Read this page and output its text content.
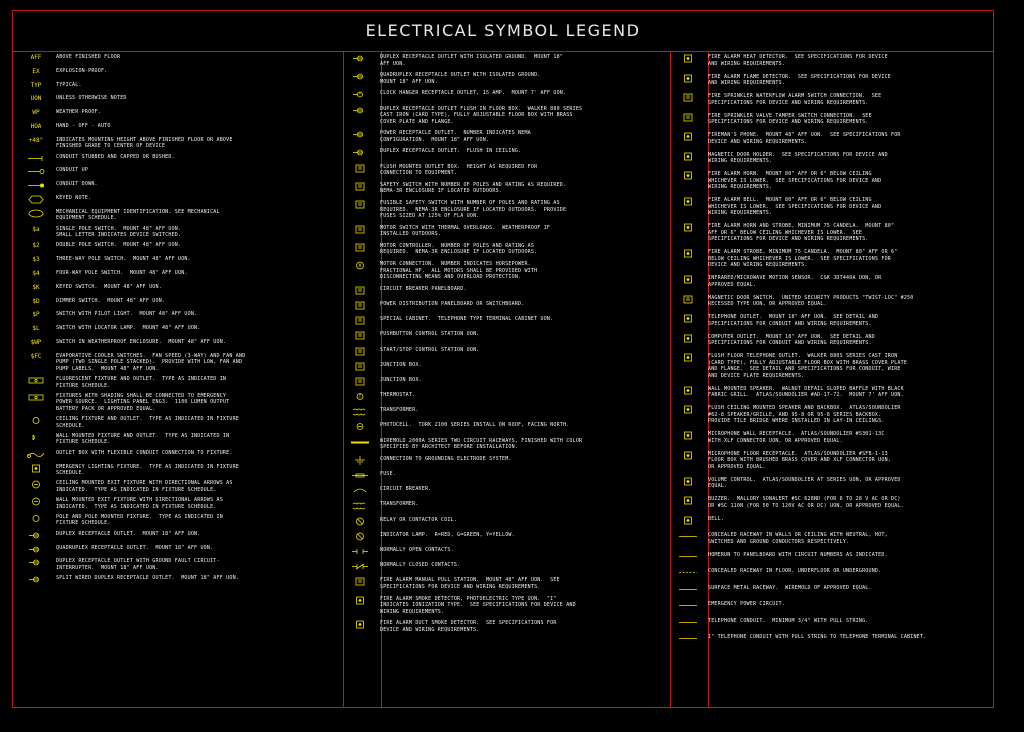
ELECTRICAL SYMBOL LEGEND
AFF	ABOVE FINISHED FLOOR
EX	EXPLOSION-PROOF.
TYP	TYPICAL.
UON	UNLESS OTHERWISE NOTED
WP	WEATHER PROOF.
HOA	HAND - OFF - AUTO
+48"	INDICATES MOUNTING HEIGHT ABOVE FINISHED FLOOR OR ABOVE
FINISHED GRADE TO CENTER OF DEVICE
CONDUIT STUBBED AND CAPPED OR BUSHED.
CONDUIT UP
CONDUIT DOWN.
KEYED NOTE.
MECHANICAL EQUIPMENT IDENTIFICATION. SEE MECHANICAL
EQUIPMENT SCHEDULE.
$a	SINGLE POLE SWITCH.  MOUNT 48" AFF UON.
SMALL LETTER INDICATES DEVICE SWITCHED.
$2	DOUBLE POLE SWITCH.  MOUNT 48" AFF UON.
$3	THREE-WAY POLE SWITCH.  MOUNT 48" AFF UON.
$4	FOUR-WAY POLE SWITCH.  MOUNT 48" AFF UON.
$K	KEYED SWITCH.  MOUNT 48" AFF UON.
$D	DIMMER SWITCH.  MOUNT 48" AFF UON.
$P	SWITCH WITH PILOT LIGHT.  MOUNT 48" AFF UON.
$L	SWITCH WITH LOCATOR LAMP.  MOUNT 48" AFF UON.
$WP	SWITCH IN WEATHERPROOF ENCLOSURE.  MOUNT 48" AFF UON.
$FC	EVAPORATIVE COOLER SWITCHES.  FAN SPEED (3-WAY) AND FAN AND
PUMP (TWO SINGLE POLE STACKED).  PROVIDE WITH LOW, FAN AND
PUMP LABELS.  MOUNT 48" AFF UON.
FLUORESCENT FIXTURE AND OUTLET.  TYPE AS INDICATED IN
FIXTURE SCHEDULE.
FIXTURES WITH SHADING SHALL BE CONNECTED TO EMERGENCY
POWER SOURCE.  LIGHTING PANEL ENG3.  1100 LUMEN OUTPUT
BATTERY PACK OR APPROVED EQUAL.
CEILING FIXTURE AND OUTLET.  TYPE AS INDICATED IN FIXTURE
SCHEDULE.
WALL MOUNTED FIXTURE AND OUTLET.  TYPE AS INDICATED IN
FIXTURE SCHEDULE.
OUTLET BOX WITH FLEXIBLE CONDUIT CONNECTION TO FIXTURE.
EMERGENCY LIGHTING FIXTURE.  TYPE AS INDICATED IN FIXTURE
SCHEDULE.
CEILING MOUNTED EXIT FIXTURE WITH DIRECTIONAL ARROWS AS
INDICATED.  TYPE AS INDICATED IN FIXTURE SCHEDULE.
WALL MOUNTED EXIT FIXTURE WITH DIRECTIONAL ARROWS AS
INDICATED.  TYPE AS INDICATED IN FIXTURE SCHEDULE.
POLE AND POLE MOUNTED FIXTURE.  TYPE AS INDICATED IN
FIXTURE SCHEDULE.
DUPLEX RECEPTACLE OUTLET.  MOUNT 18" AFF UON.
QUADRUPLEX RECEPTACLE OUTLET.  MOUNT 18" AFF UON.
DUPLEX RECEPTACLE OUTLET WITH GROUND FAULT CIRCUIT-
INTERRUPTER.  MOUNT 18" AFF UON.
SPLIT WIRED DUPLEX RECEPTACLE OUTLET.  MOUNT 18" AFF UON.
DUPLEX RECEPTACLE OUTLET WITH ISOLATED GROUND.  MOUNT 18"
AFF UON.
QUADRUPLEX RECEPTACLE OUTLET WITH ISOLATED GROUND.
MOUNT 18" AFF UON.
CLOCK HANGER RECEPTACLE OUTLET, 15 AMP.  MOUNT 7' AFF UON.
DUPLEX RECEPTACLE OUTLET FLUSH IN FLOOR BOX.  WALKER 880 SERIES
CAST IRON (CARD TYPE), FULLY ADJUSTABLE FLOOR BOX WITH BRASS
COVER PLATE AND FLANGE.
POWER RECEPTACLE OUTLET.  NUMBER INDICATES NEMA
CONFIGURATION.  MOUNT 18" AFF UON.
DUPLEX RECEPTACLE OUTLET.  FLUSH IN CEILING.
FLUSH MOUNTED OUTLET BOX.  HEIGHT AS REQUIRED FOR
CONNECTION TO EQUIPMENT.
SAFETY SWITCH WITH NUMBER OF POLES AND RATING AS REQUIRED.
NEMA-3R ENCLOSURE IF LOCATED OUTDOORS.
FUSIBLE SAFETY SWITCH WITH NUMBER OF POLES AND RATING AS
REQUIRED.  NEMA-3R ENCLOSURE IF LOCATED OUTDOORS.  PROVIDE
FUSES SIZED AT 125% OF FLA UON.
MOTOR SWITCH WITH THERMAL OVERLOADS.  WEATHERPROOF IF
INSTALLED OUTDOORS.
MOTOR CONTROLLER.  NUMBER OF POLES AND RATING AS
REQUIRED.  NEMA-3R ENCLOSURE IF LOCATED OUTDOORS.
M	MOTOR CONNECTION.  NUMBER INDICATES HORSEPOWER.
FRACTIONAL HP.  ALL MOTORS SHALL BE PROVIDED WITH
DISCONNECTING MEANS AND OVERLOAD PROTECTION.
CIRCUIT BREAKER PANELBOARD.
POWER DISTRIBUTION PANELBOARD OR SWITCHBOARD.
SPECIAL CABINET.  TELEPHONE TYPE TERMINAL CABINET UON.
PUSHBUTTON CONTROL STATION UON.
START/STOP CONTROL STATION UON.
JUNCTION BOX.
JUNCTION BOX.
T	THERMOSTAT.
TRANSFORMER.
PHOTOCELL.  TORK 2100 SERIES INSTALL ON ROOF, FACING NORTH.
WIREMOLD 2000A SERIES TWO CIRCUIT RACEWAYS, FINISHED WITH COLOR
SPECIFIED BY ARCHITECT BEFORE INSTALLATION.
CONNECTION TO GROUNDING ELECTRODE SYSTEM.
FUSE.
CIRCUIT BREAKER.
TRANSFORMER.
RELAY OR CONTACTOR COIL.
INDICATOR LAMP.  R=RED, G=GREEN, Y=YELLOW.
NORMALLY OPEN CONTACTS.
NORMALLY CLOSED CONTACTS.
FIRE ALARM MANUAL PULL STATION.  MOUNT 48" AFF UON.  SEE
SPECIFICATIONS FOR DEVICE AND WIRING REQUIREMENTS.
FIRE ALARM SMOKE DETECTOR, PHOTOELECTRIC TYPE UON.  "I"
INDICATES IONIZATION TYPE.  SEE SPECIFICATIONS FOR DEVICE AND
WIRING REQUIREMENTS.
FIRE ALARM DUCT SMOKE DETECTOR.  SEE SPECIFICATIONS FOR
DEVICE AND WIRING REQUIREMENTS.
FIRE ALARM HEAT DETECTOR.  SEE SPECIFICATIONS FOR DEVICE
AND WIRING REQUIREMENTS.
FIRE ALARM FLAME DETECTOR.  SEE SPECIFICATIONS FOR DEVICE
AND WIRING REQUIREMENTS.
FIRE SPRINKLER WATERFLOW ALARM SWITCH CONNECTION.  SEE
SPECIFICATIONS FOR DEVICE AND WIRING REQUIREMENTS.
FIRE SPRINKLER VALVE TAMPER SWITCH CONNECTION.  SEE
SPECIFICATIONS FOR DEVICE AND WIRING REQUIREMENTS.
FIREMAN'S PHONE.  MOUNT 48" AFF UON.  SEE SPECIFICATIONS FOR
DEVICE AND WIRING REQUIREMENTS.
MAGNETIC DOOR HOLDER.  SEE SPECIFICATIONS FOR DEVICE AND
WIRING REQUIREMENTS.
FIRE ALARM HORN.  MOUNT 80" AFF OR 6" BELOW CEILING
WHICHEVER IS LOWER.  SEE SPECIFICATIONS FOR DEVICE AND
WIRING REQUIREMENTS.
FIRE ALARM BELL.  MOUNT 80" AFF OR 6" BELOW CEILING
WHICHEVER IS LOWER.  SEE SPECIFICATIONS FOR DEVICE AND
WIRING REQUIREMENTS.
FIRE ALARM HORN AND STROBE, MINIMUM 75 CANDELA.  MOUNT 80"
AFF OR 6" BELOW CEILING WHICHEVER IS LOWER.  SEE
SPECIFICATIONS FOR DEVICE AND WIRING REQUIREMENTS.
FIRE ALARM STROBE, MINIMUM 75 CANDELA.  MOUNT 80" AFF OR 6"
BELOW CEILING WHICHEVER IS LOWER.  SEE SPECIFICATIONS FOR
DEVICE AND WIRING REQUIREMENTS.
INFRARED/MICROWAVE MOTION SENSOR.  C&K JDT440A UON, OR
APPROVED EQUAL.
MAGNETIC DOOR SWITCH.  UNITED SECURITY PRODUCTS "TWIST-LOC" #250
RECESSED TYPE UON, OR APPROVED EQUAL.
TELEPHONE OUTLET.  MOUNT 18" AFF UON.  SEE DETAIL AND
SPECIFICATIONS FOR CONDUIT AND WIRING REQUIREMENTS.
COMPUTER OUTLET.  MOUNT 18" AFF UON.  SEE DETAIL AND
SPECIFICATIONS FOR CONDUIT AND WIRING REQUIREMENTS.
FLUSH FLOOR TELEPHONE OUTLET.  WALKER 880S SERIES CAST IRON
(CARD TYPE), FULLY ADJUSTABLE FLOOR BOX WITH BRASS COVER PLATE
AND FLANGE.  SEE DETAIL AND SPECIFICATIONS FOR CONDUIT, WIRE
AND DEVICE PLATE REQUIREMENTS.
WALL MOUNTED SPEAKER.  WALNUT DEFAIL SLOPED BAFFLE WITH BLACK
FABRIC GRILL.  ATLAS/SOUNDOLIER #AD-17-72.  MOUNT 7' AFF UON.
FLUSH CEILING MOUNTED SPEAKER AND BACKBOX.  ATLAS/SOUNDOLIER
#62-8 SPEAKER/GRILLE, AND 95-8 OR 95-8 SERIES BACKBOX.
PROVIDE TILE BRIDGE WHERE INSTALLED IN LAY-IN CEILINGS.
MICROPHONE WALL RECEPTACLE.  ATLAS/SOUNDOLIER #S301-13C
WITH XLF CONNECTOR UON, OR APPROVED EQUAL.
MICROPHONE FLOOR RECEPTACLE.  ATLAS/SOUNDOLIER #SFB-1-13
FLOOR BOX WITH BRUSHED BRASS COVER AND XLF CONNECTOR UON,
OR APPROVED EQUAL.
VOLUME CONTROL.  ATLAS/SOUNDOLIER AT SERIES UON, OR APPROVED
EQUAL.
BUZZER.  MALLORY SONALERT #SC 628ND (FOR 6 TO 28 V AC OR DC)
OR #SC 110N (FOR 50 TO 120V AC OR DC) UON, OR APPROVED EQUAL.
BELL.
CONCEALED RACEWAY IN WALLS OR CEILING WITH NEUTRAL, HOT,
SWITCHED AND GROUND CONDUCTORS RESPECTIVELY.
HOMERUN TO PANELBOARD WITH CIRCUIT NUMBERS AS INDICATED.
CONCEALED RACEWAY IN FLOOR, UNDERFLOOR OR UNDERGROUND.
SURFACE METAL RACEWAY.  WIREMOLD OF APPROVED EQUAL.
EMERGENCY POWER CIRCUIT.
TELEPHONE CONDUIT.  MINIMUM 3/4" WITH PULL STRING.
1" TELEPHONE CONDUIT WITH PULL STRING TO TELEPHONE TERMINAL CABINET.
